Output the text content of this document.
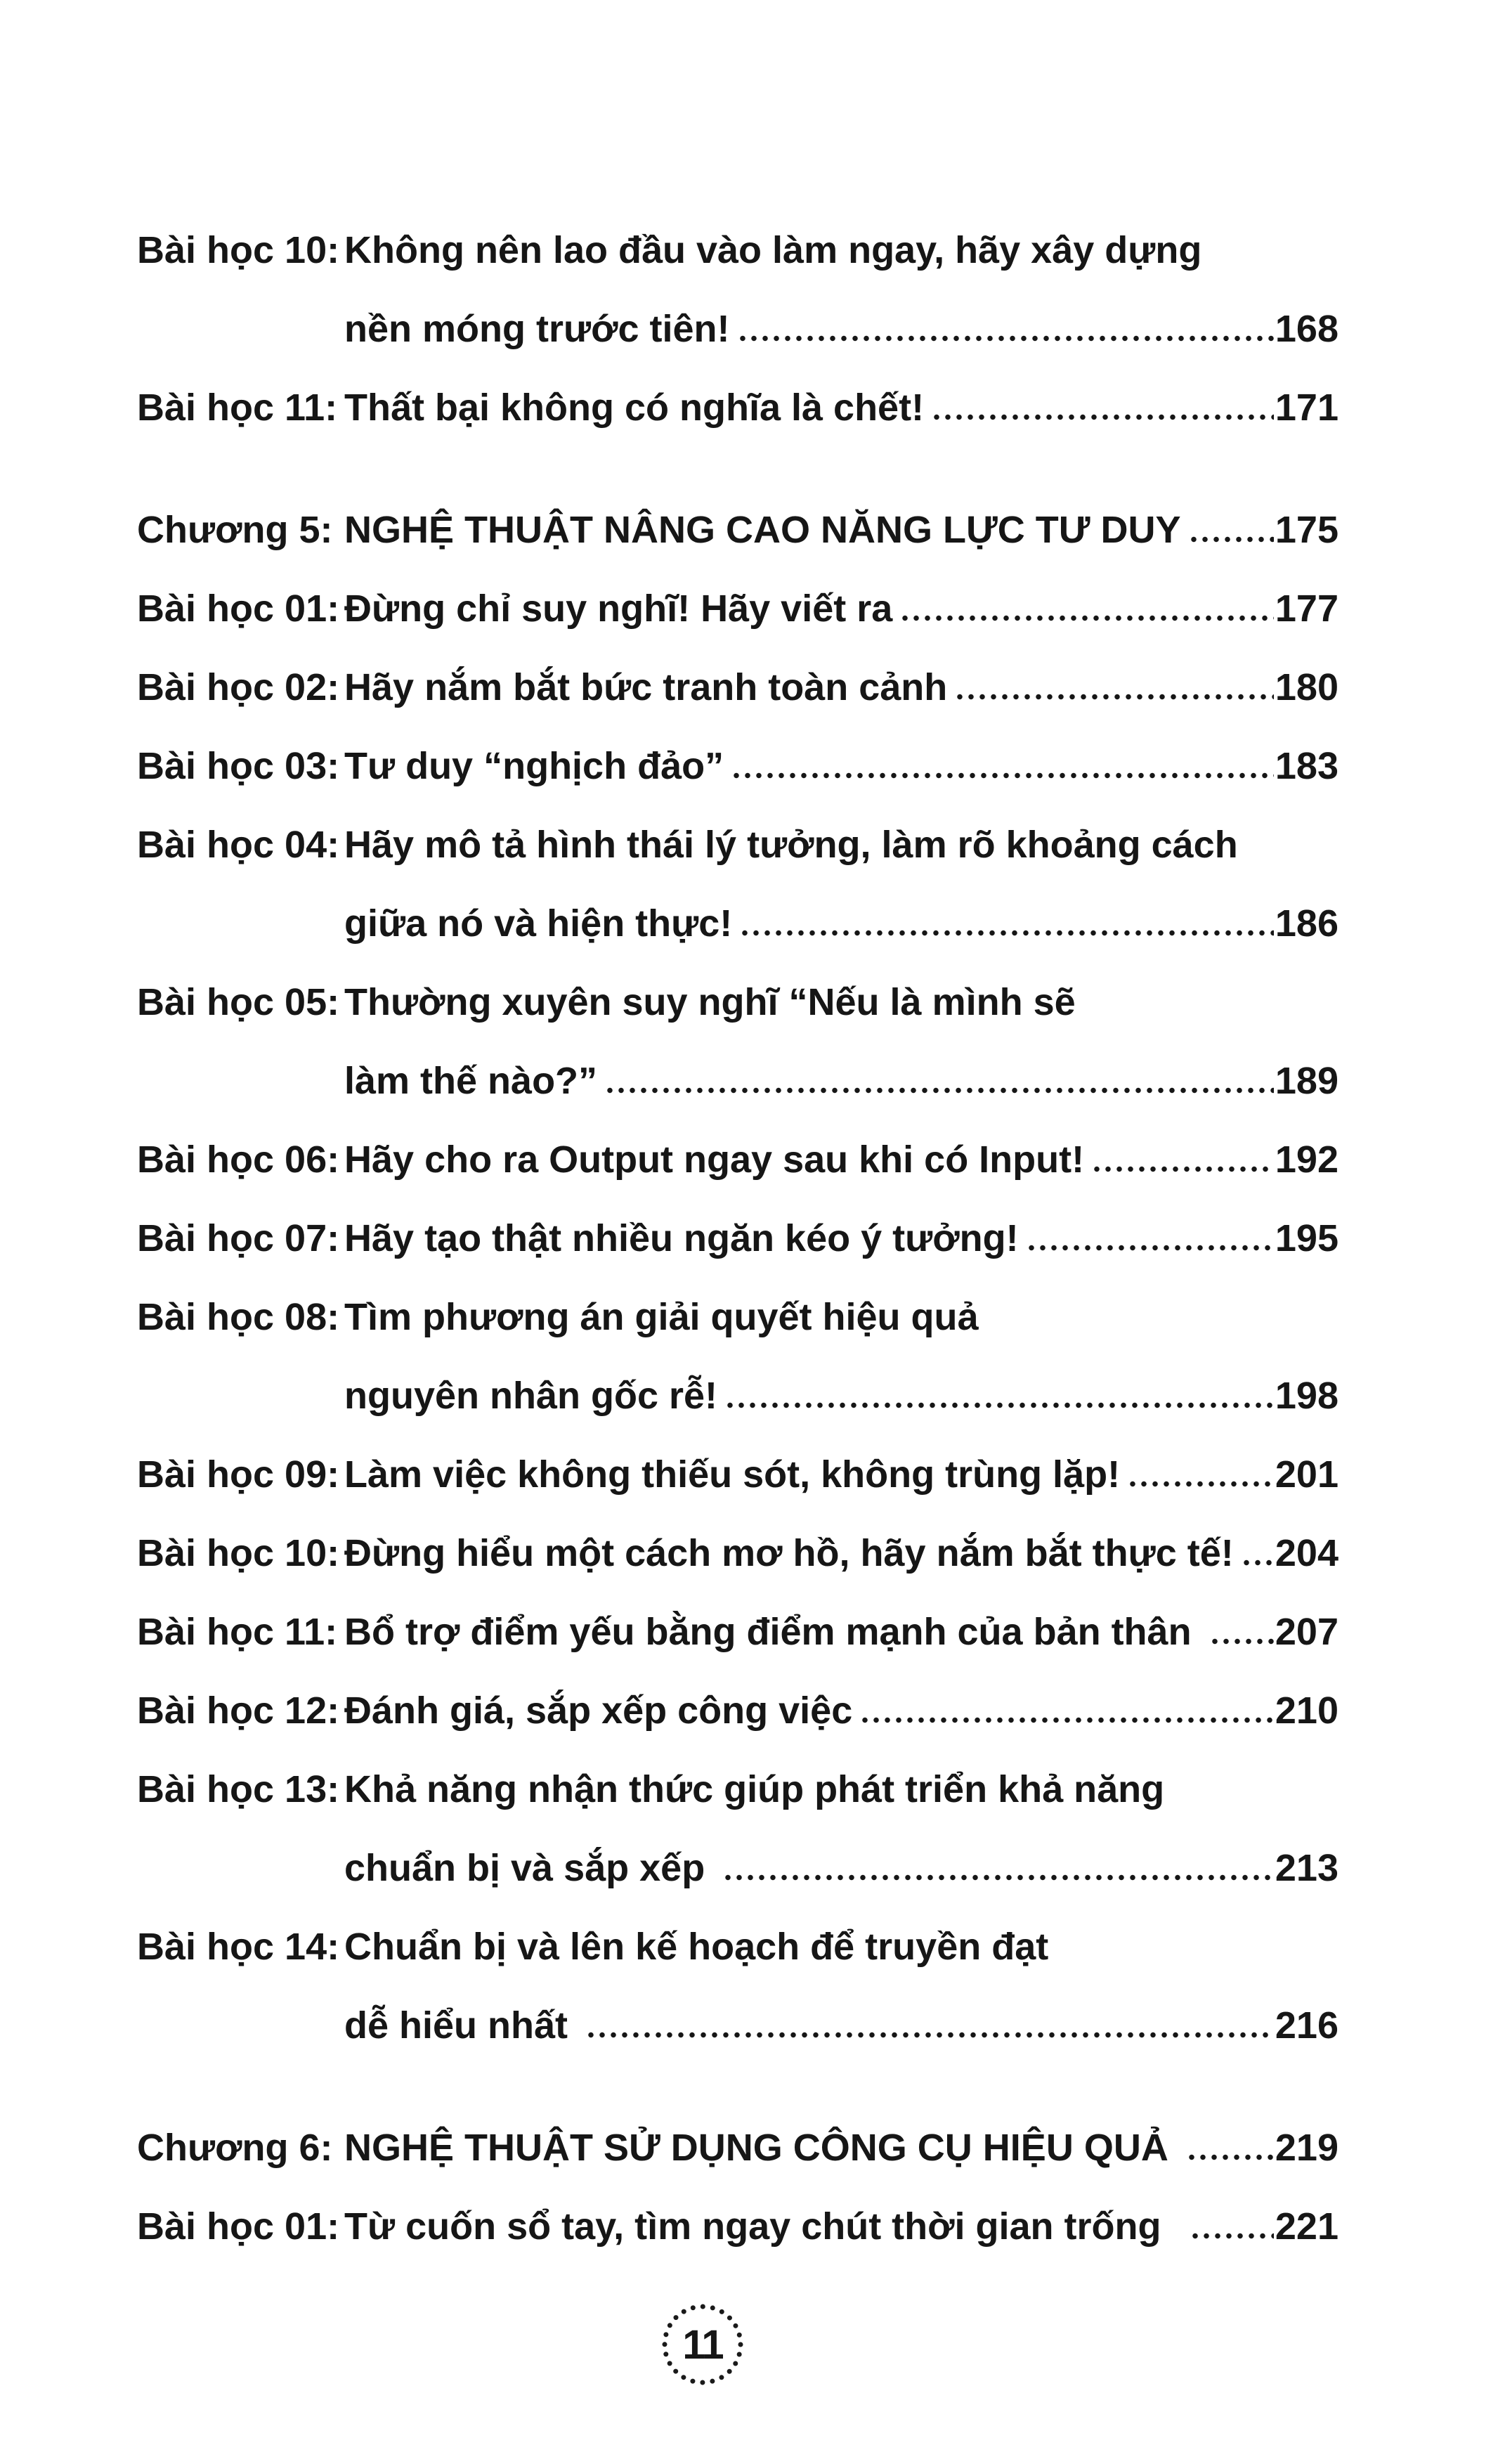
Bài học 10: Không nên lao đầu vào làm ngay, hãy xây dựng
nền móng trước tiên!	168
Bài học 11: Thất bại không có nghĩa là chết!	171
Chương 5: NGHỆ THUẬT NÂNG CAO NĂNG LỰC TƯ DUY 175
Bài học 01: Đừng chỉ suy nghĩ! Hãy viết ra	177
Bài học 02: Hãy nắm bắt bức tranh toàn cảnh	180
Bài học 03: Tư duy “nghịch đảo”	183
Bài học 04: Hãy mô tả hình thái lý tưởng, làm rõ khoảng cách
giữa nó và hiện thực!	186
Bài học 05: Thường xuyên suy nghĩ “Nếu là mình sẽ
làm thế nào?”	189
Bài học 06: Hãy cho ra Output ngay sau khi có Input!	192
Bài học 07: Hãy tạo thật nhiều ngăn kéo ý tưởng!	195
Bài học 08: Tìm phương án giải quyết hiệu quả
nguyên nhân gốc rễ!	198
Bài học 09: Làm việc không thiếu sót, không trùng lặp!	201
Bài học 10: Đừng hiểu một cách mơ hồ, hãy nắm bắt thực tế! 204
Bài học 11: Bổ trợ điểm yếu bằng điểm mạnh của bản thân 207
Bài học 12: Đánh giá, sắp xếp công việc	210
Bài học 13: Khả năng nhận thức giúp phát triển khả năng
chuẩn bị và sắp xếp	213
Bài học 14: Chuẩn bị và lên kế hoạch để truyền đạt
dễ hiểu nhất	216
Chương 6: NGHỆ THUẬT SỬ DỤNG CÔNG CỤ HIỆU QUẢ	219
Bài học 01: Từ cuốn sổ tay, tìm ngay chút thời gian trống 221
11
